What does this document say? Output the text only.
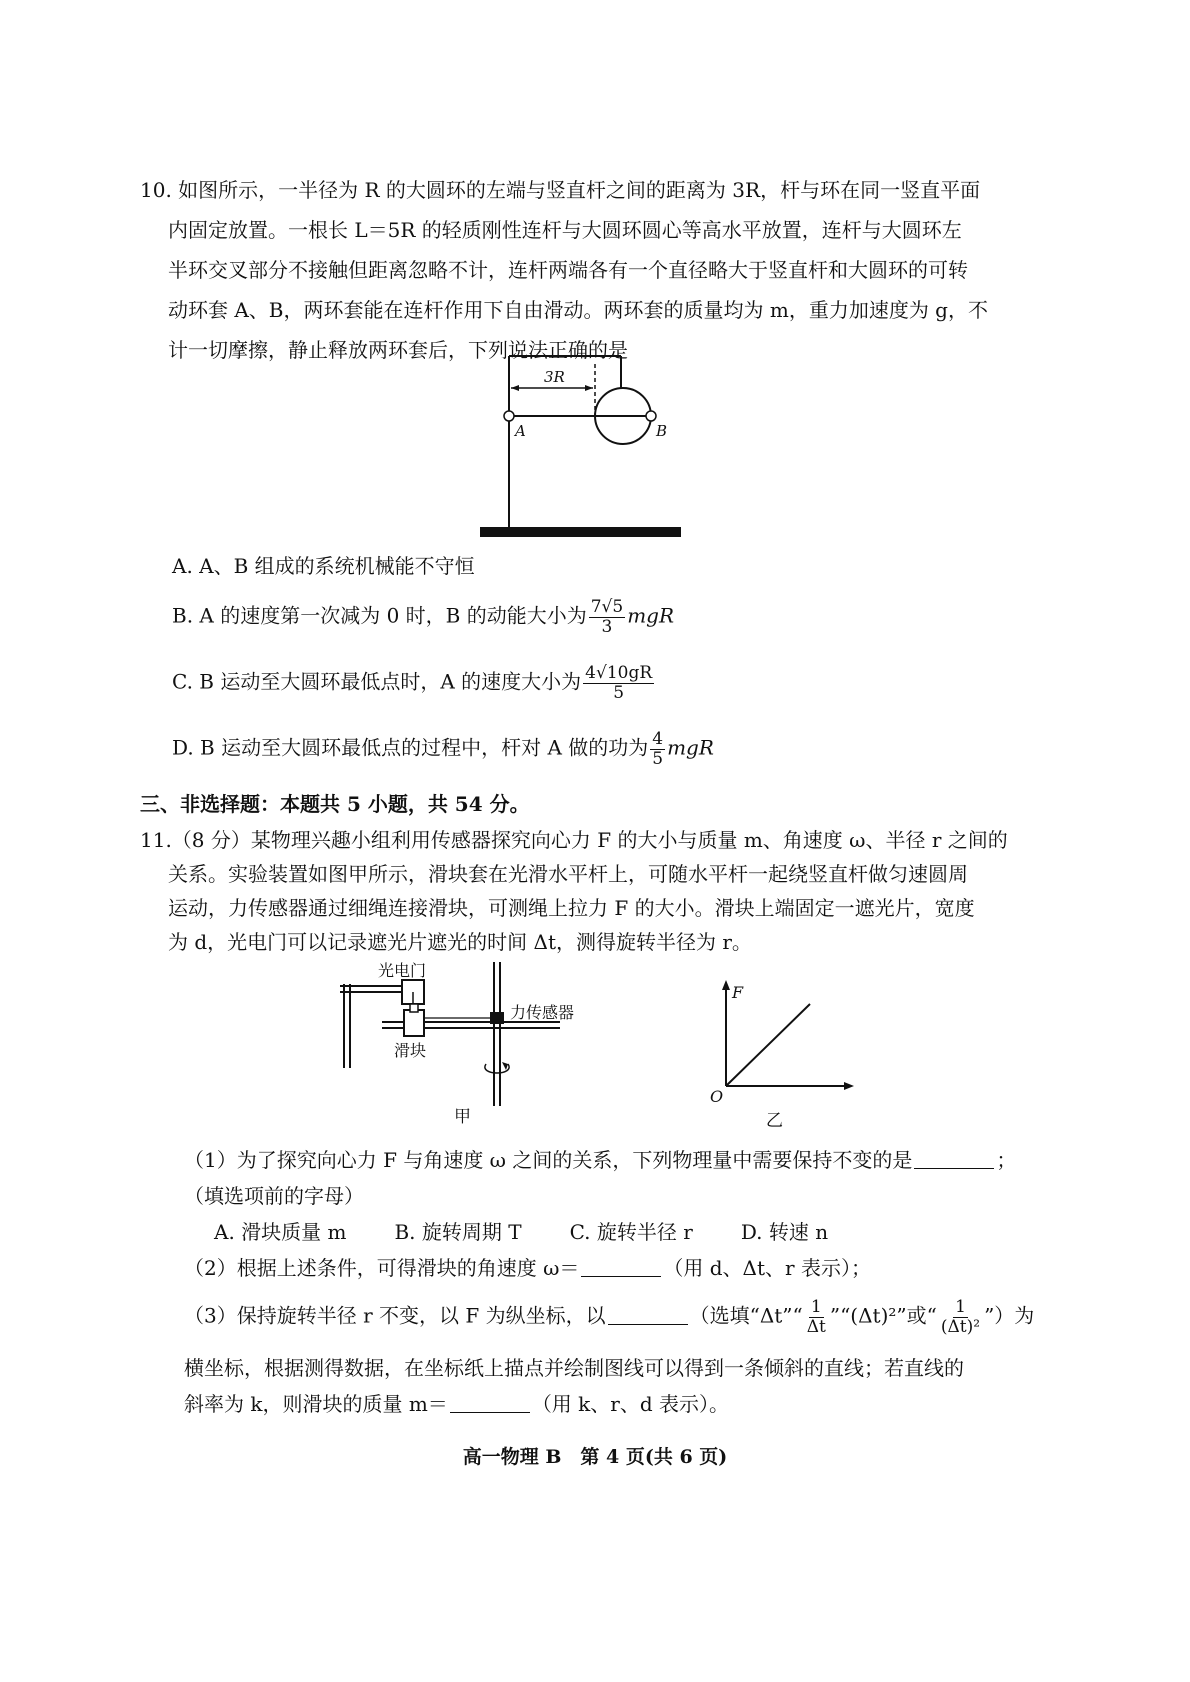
10. 如图所示，一半径为 R 的大圆环的左端与竖直杆之间的距离为 3R，杆与环在同一竖直平面
内固定放置。一根长 L＝5R 的轻质刚性连杆与大圆环圆心等高水平放置，连杆与大圆环左
半环交叉部分不接触但距离忽略不计，连杆两端各有一个直径略大于竖直杆和大圆环的可转
动环套 A、B，两环套能在连杆作用下自由滑动。两环套的质量均为 m，重力加速度为 g，不
计一切摩擦，静止释放两环套后，下列说法正确的是
3R
A	B
A. A、B 组成的系统机械能不守恒
B. A 的速度第一次减为 0 时，B 的动能大小为 $\frac{7√5}{3}$ mgR
C. B 运动至大圆环最低点时，A 的速度大小为 $\frac{4√10gR}{5}$
D. B 运动至大圆环最低点的过程中，杆对 A 做的功为 $\frac{4}{5}$ mgR
三、非选择题：本题共 5 小题，共 54 分。
11.（8 分）某物理兴趣小组利用传感器探究向心力 F 的大小与质量 m、角速度 ω、半径 r 之间的
关系。实验装置如图甲所示，滑块套在光滑水平杆上，可随水平杆一起绕竖直杆做匀速圆周
运动，力传感器通过细绳连接滑块，可测绳上拉力 F 的大小。滑块上端固定一遮光片，宽度
为 d，光电门可以记录遮光片遮光的时间 Δt，测得旋转半径为 r。
光电门
滑块
力传感器
甲
F
O
乙
（1）为了探究向心力 F 与角速度 ω 之间的关系，下列物理量中需要保持不变的是	；
（填选项前的字母）
A. 滑块质量 m B. 旋转周期 T C. 旋转半径 r D. 转速 n
（2）根据上述条件，可得滑块的角速度 ω＝	（用 d、Δt、r 表示）；
（3）保持旋转半径 r 不变，以 F 为纵坐标，以	（选填“Δt”“ $\frac{1}{\Delta t}$ ”“(Δt)²”或“ $\frac{1}{\text{(Δt)²}}$ ”）为
横坐标，根据测得数据，在坐标纸上描点并绘制图线可以得到一条倾斜的直线；若直线的
斜率为 k，则滑块的质量 m＝	（用 k、r、d 表示）。
高一物理 B　第 4 页(共 6 页)
